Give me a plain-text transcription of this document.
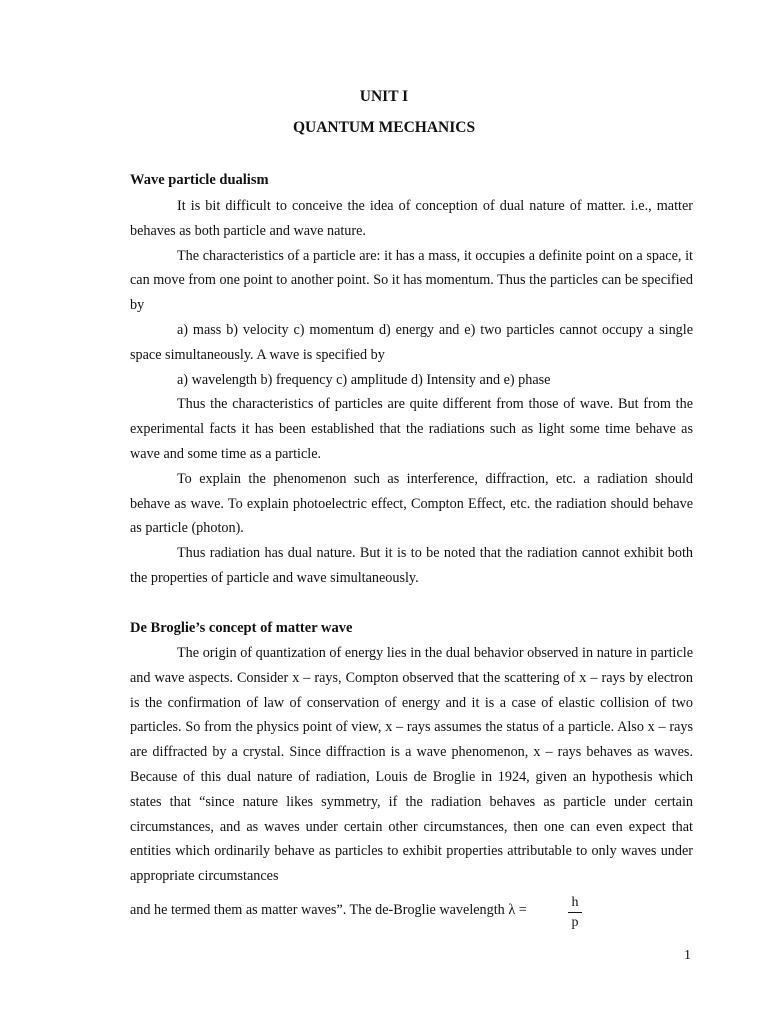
UNIT I
QUANTUM MECHANICS
Wave particle dualism

It is bit difficult to conceive the idea of conception of dual nature of matter. i.e., matter behaves as both particle and wave nature.

The characteristics of a particle are: it has a mass, it occupies a definite point on a space, it can move from one point to another point. So it has momentum. Thus the particles can be specified by

a) mass b) velocity c) momentum d) energy and e) two particles cannot occupy a single space simultaneously. A wave is specified by

a) wavelength b) frequency c) amplitude d) Intensity and e) phase

Thus the characteristics of particles are quite different from those of wave. But from the experimental facts it has been established that the radiations such as light some time behave as wave and some time as a particle.

To explain the phenomenon such as interference, diffraction, etc. a radiation should behave as wave. To explain photoelectric effect, Compton Effect, etc. the radiation should behave as particle (photon).

Thus radiation has dual nature. But it is to be noted that the radiation cannot exhibit both the properties of particle and wave simultaneously.

De Broglie’s concept of matter wave

The origin of quantization of energy lies in the dual behavior observed in nature in particle and wave aspects. Consider x – rays, Compton observed that the scattering of x – rays by electron is the confirmation of law of conservation of energy and it is a case of elastic collision of two particles. So from the physics point of view, x – rays assumes the status of a particle. Also x – rays are diffracted by a crystal. Since diffraction is a wave phenomenon, x – rays behaves as waves. Because of this dual nature of radiation, Louis de Broglie in 1924, given an hypothesis which states that “since nature likes symmetry, if the radiation behaves as particle under certain circumstances, and as waves under certain other circumstances, then one can even expect that entities which ordinarily behave as particles to exhibit properties attributable to only waves under appropriate circumstances

and he termed them as matter waves”. The de-Broglie wavelength λ =	h
p
1
